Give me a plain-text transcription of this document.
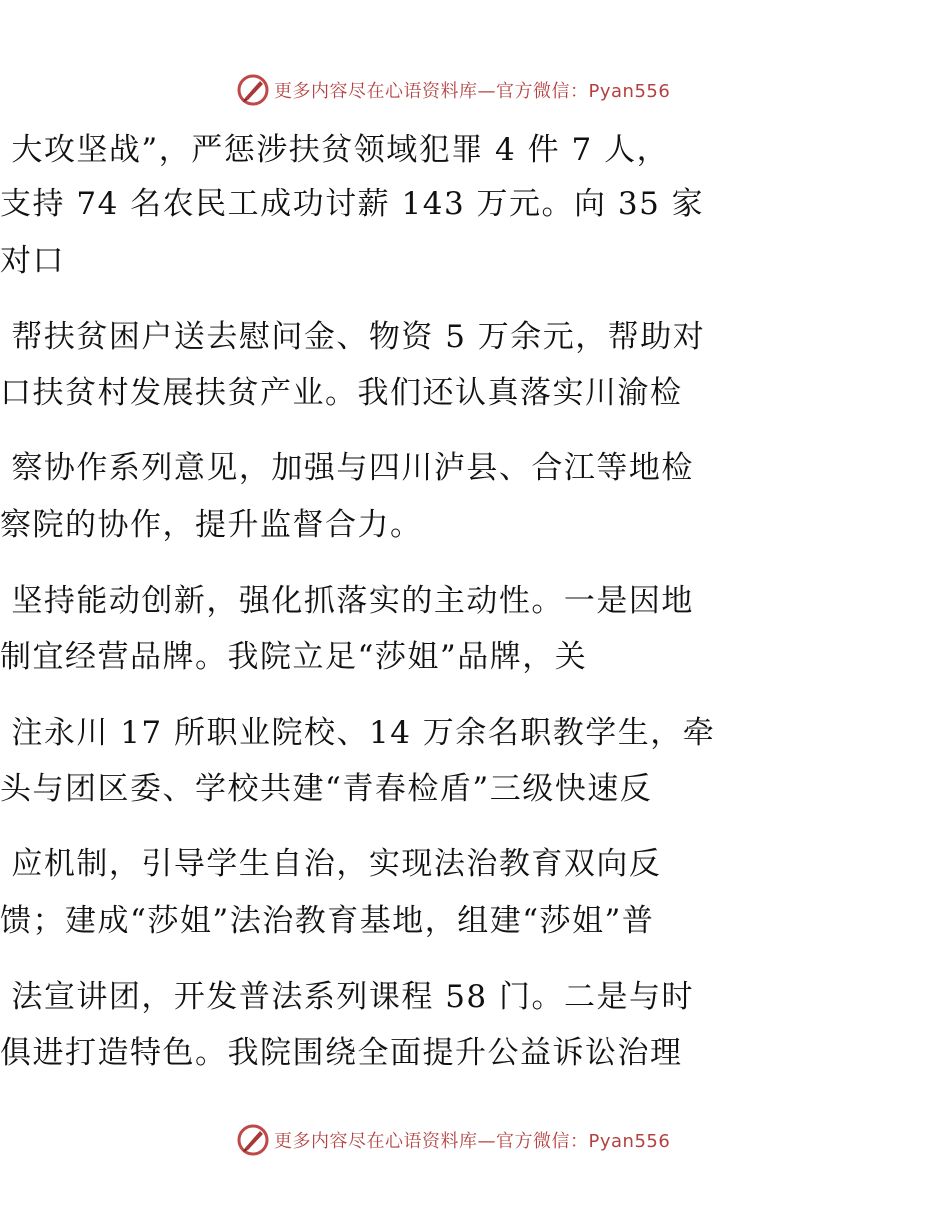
更多内容尽在心语资料库—官方微信：Pyan556
大攻坚战”，严惩涉扶贫领域犯罪 4 件 7 人，
支持 74 名农民工成功讨薪 143 万元。向 35 家
对口
帮扶贫困户送去慰问金、物资 5 万余元，帮助对
口扶贫村发展扶贫产业。我们还认真落实川渝检
察协作系列意见，加强与四川泸县、合江等地检
察院的协作，提升监督合力。
坚持能动创新，强化抓落实的主动性。一是因地
制宜经营品牌。我院立足“莎姐”品牌，关
注永川 17 所职业院校、14 万余名职教学生，牵
头与团区委、学校共建“青春检盾”三级快速反
应机制，引导学生自治，实现法治教育双向反
馈；建成“莎姐”法治教育基地，组建“莎姐”普
法宣讲团，开发普法系列课程 58 门。二是与时
俱进打造特色。我院围绕全面提升公益诉讼治理
更多内容尽在心语资料库—官方微信：Pyan556
